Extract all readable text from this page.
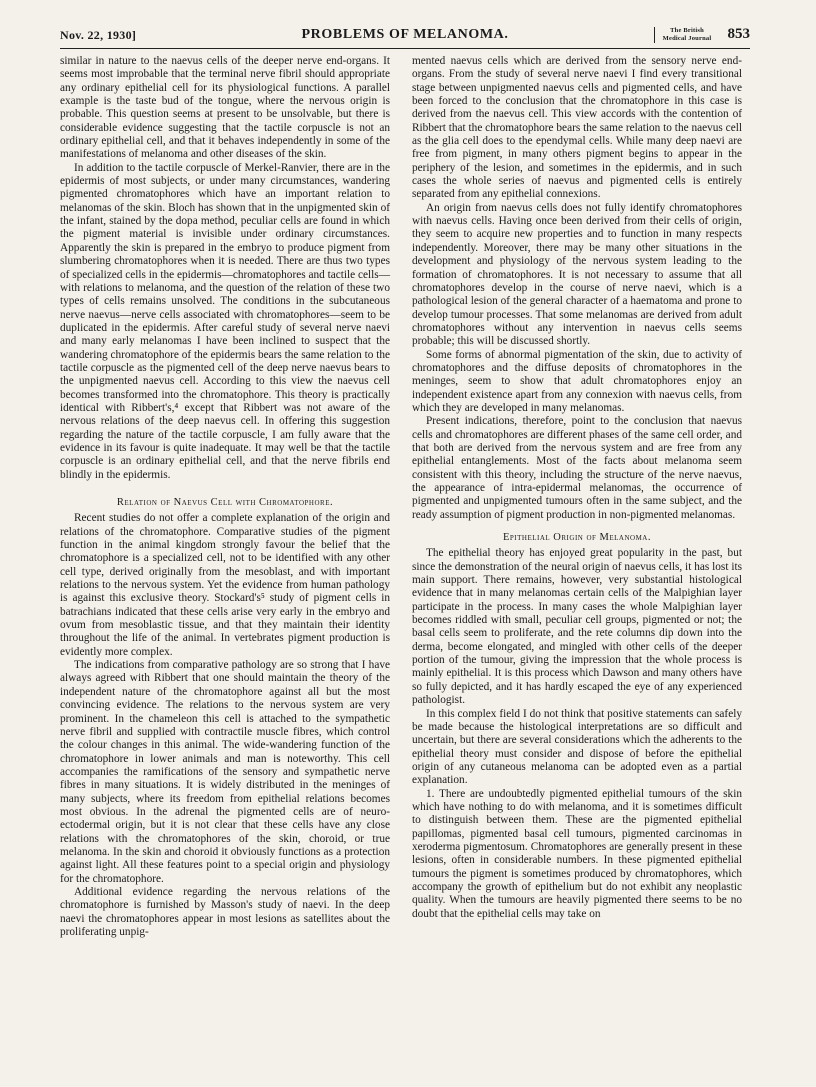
Nov. 22, 1930]	PROBLEMS OF MELANOMA.	The British
Medical Journal	853

similar in nature to the naevus cells of the deeper nerve end-organs. It seems most improbable that the terminal nerve fibril should appropriate any ordinary epithelial cell for its physiological functions. A parallel example is the taste bud of the tongue, where the nervous origin is probable. This question seems at present to be unsolvable, but there is considerable evidence suggesting that the tactile corpuscle is not an ordinary epithelial cell, and that it behaves independently in some of the manifestations of melanoma and other diseases of the skin.

In addition to the tactile corpuscle of Merkel-Ranvier, there are in the epidermis of most subjects, or under many circumstances, wandering pigmented chromatophores which have an important relation to melanomas of the skin. Bloch has shown that in the unpigmented skin of the infant, stained by the dopa method, peculiar cells are found in which the pigment material is invisible under ordinary circumstances. Apparently the skin is prepared in the embryo to produce pigment from slumbering chromatophores when it is needed. There are thus two types of specialized cells in the epidermis—chromatophores and tactile cells—with relations to melanoma, and the question of the relation of these two types of cells remains unsolved. The conditions in the subcutaneous nerve naevus—nerve cells associated with chromatophores—seem to be duplicated in the epidermis. After careful study of several nerve naevi and many early melanomas I have been inclined to suspect that the wandering chromatophore of the epidermis bears the same relation to the tactile corpuscle as the pigmented cell of the deep nerve naevus bears to the unpigmented naevus cell. According to this view the naevus cell becomes transformed into the chromatophore. This theory is practically identical with Ribbert's,⁴ except that Ribbert was not aware of the nervous relations of the deep naevus cell. In offering this suggestion regarding the nature of the tactile corpuscle, I am fully aware that the evidence in its favour is quite inadequate. It may well be that the tactile corpuscle is an ordinary epithelial cell, and that the nerve fibrils end blindly in the epidermis.

Relation of Naevus Cell with Chromatophore.

Recent studies do not offer a complete explanation of the origin and relations of the chromatophore. Comparative studies of the pigment function in the animal kingdom strongly favour the belief that the chromatophore is a specialized cell, not to be identified with any other cell type, derived originally from the mesoblast, and with important relations to the nervous system. Yet the evidence from human pathology is against this exclusive theory. Stockard's⁵ study of pigment cells in batrachians indicated that these cells arise very early in the embryo and ovum from mesoblastic tissue, and that they maintain their identity throughout the life of the animal. In vertebrates pigment production is evidently more complex.

The indications from comparative pathology are so strong that I have always agreed with Ribbert that one should maintain the theory of the independent nature of the chromatophore against all but the most convincing evidence. The relations to the nervous system are very prominent. In the chameleon this cell is attached to the sympathetic nerve fibril and supplied with contractile muscle fibres, which control the colour changes in this animal. The wide-wandering function of the chromatophore in lower animals and man is noteworthy. This cell accompanies the ramifications of the sensory and sympathetic nerve fibres in many situations. It is widely distributed in the meninges of many subjects, where its freedom from epithelial relations becomes most obvious. In the adrenal the pigmented cells are of neuro-ectodermal origin, but it is not clear that these cells have any close relations with the chromatophores of the skin, choroid, or true melanoma. In the skin and choroid it obviously functions as a protection against light. All these features point to a special origin and physiology for the chromatophore.

Additional evidence regarding the nervous relations of the chromatophore is furnished by Masson's study of naevi. In the deep naevi the chromatophores appear in most lesions as satellites about the proliferating unpig-

mented naevus cells which are derived from the sensory nerve end-organs. From the study of several nerve naevi I find every transitional stage between unpigmented naevus cells and pigmented cells, and have been forced to the conclusion that the chromatophore in this case is derived from the naevus cell. This view accords with the contention of Ribbert that the chromatophore bears the same relation to the naevus cell as the glia cell does to the ependymal cells. While many deep naevi are free from pigment, in many others pigment begins to appear in the periphery of the lesion, and sometimes in the epidermis, and in such cases the whole series of naevus and pigmented cells is entirely separated from any epithelial connexions.

An origin from naevus cells does not fully identify chromatophores with naevus cells. Having once been derived from their cells of origin, they seem to acquire new properties and to function in many respects independently. Moreover, there may be many other situations in the development and physiology of the nervous system leading to the formation of chromatophores. It is not necessary to assume that all chromatophores develop in the course of nerve naevi, which is a pathological lesion of the general character of a haematoma and prone to develop tumour processes. That some melanomas are derived from adult chromatophores without any intervention in naevus cells seems probable; this will be discussed shortly.

Some forms of abnormal pigmentation of the skin, due to activity of chromatophores and the diffuse deposits of chromatophores in the meninges, seem to show that adult chromatophores enjoy an independent existence apart from any connexion with naevus cells, from which they are developed in many melanomas.

Present indications, therefore, point to the conclusion that naevus cells and chromatophores are different phases of the same cell order, and that both are derived from the nervous system and are free from any epithelial entanglements. Most of the facts about melanoma seem consistent with this theory, including the structure of the nerve naevus, the appearance of intra-epidermal melanomas, the occurrence of pigmented and unpigmented tumours often in the same subject, and the ready assumption of pigment production in non-pigmented melanomas.

Epithelial Origin of Melanoma.

The epithelial theory has enjoyed great popularity in the past, but since the demonstration of the neural origin of naevus cells, it has lost its main support. There remains, however, very substantial histological evidence that in many melanomas certain cells of the Malpighian layer participate in the process. In many cases the whole Malpighian layer becomes riddled with small, peculiar cell groups, pigmented or not; the basal cells seem to proliferate, and the rete columns dip down into the derma, become elongated, and mingled with other cells of the deeper portion of the tumour, giving the impression that the whole process is mainly epithelial. It is this process which Dawson and many others have so fully depicted, and it has hardly escaped the eye of any experienced pathologist.

In this complex field I do not think that positive statements can safely be made because the histological interpretations are so difficult and uncertain, but there are several considerations which the adherents to the epithelial theory must consider and dispose of before the epithelial origin of any cutaneous melanoma can be adopted even as a partial explanation.

1. There are undoubtedly pigmented epithelial tumours of the skin which have nothing to do with melanoma, and it is sometimes difficult to distinguish between them. These are the pigmented epithelial papillomas, pigmented basal cell tumours, pigmented carcinomas in xeroderma pigmentosum. Chromatophores are generally present in these lesions, often in considerable numbers. In these pigmented epithelial tumours the pigment is sometimes produced by chromatophores, which accompany the growth of epithelium but do not exhibit any neoplastic quality. When the tumours are heavily pigmented there seems to be no doubt that the epithelial cells may take on
